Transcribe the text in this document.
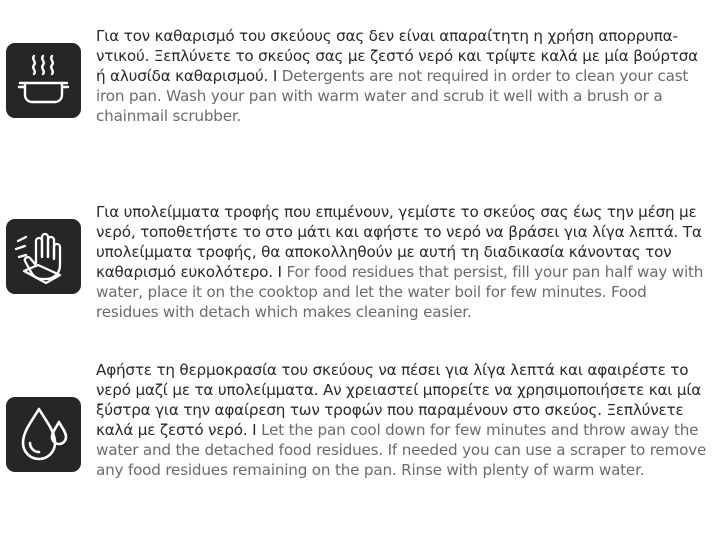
Για τον καθαρισμό του σκεύους σας δεν είναι απαραίτητη η χρήση απορρυπαντικού. Ξεπλύνετε το σκεύος σας με ζεστό νερό και τρίψτε καλά με μία βούρτσα ή αλυσίδα καθαρισμού. I Detergents are not required in order to clean your cast iron pan. Wash your pan with warm water and scrub it well with a brush or a chainmail scrubber.

Για υπολείμματα τροφής που επιμένουν, γεμίστε το σκεύος σας έως την μέση με νερό, τοποθετήστε το στο μάτι και αφήστε το νερό να βράσει για λίγα λεπτά. Τα υπολείμματα τροφής, θα αποκολληθούν με αυτή τη διαδικασία κάνοντας τον καθαρισμό ευκολότερο. I For food residues that persist, fill your pan half way with water, place it on the cooktop and let the water boil for few minutes. Food residues with detach which makes cleaning easier.

Αφήστε τη θερμοκρασία του σκεύους να πέσει για λίγα λεπτά και αφαιρέστε το νερό μαζί με τα υπολείμματα. Αν χρειαστεί μπορείτε να χρησιμοποιήσετε και μία ξύστρα για την αφαίρεση των τροφών που παραμένουν στο σκεύος. Ξεπλύνετε καλά με ζεστό νερό. I Let the pan cool down for few minutes and throw away the water and the detached food residues. If needed you can use a scraper to remove any food residues remaining on the pan. Rinse with plenty of warm water.
